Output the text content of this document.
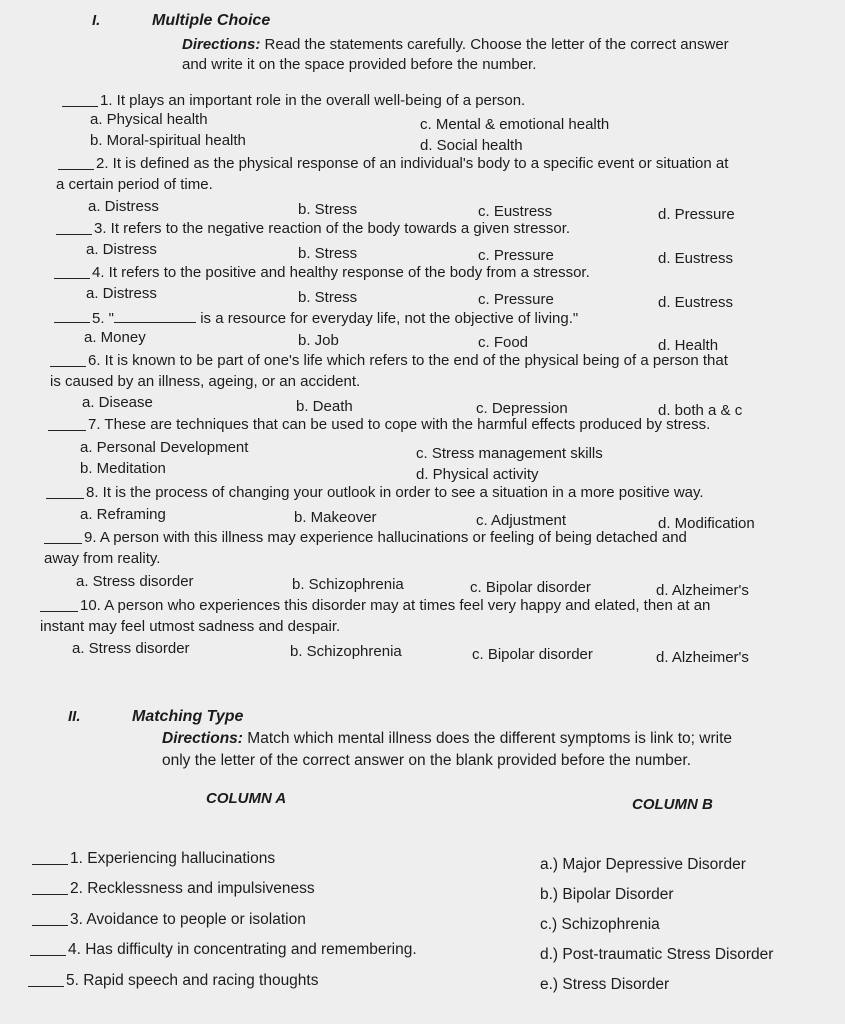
I.	Multiple Choice
Directions: Read the statements carefully. Choose the letter of the correct answer
and write it on the space provided before the number.
1. It plays an important role in the overall well-being of a person.
a. Physical health	c. Mental & emotional health
b. Moral-spiritual health	d. Social health
2. It is defined as the physical response of an individual's body to a specific event or situation at
a certain period of time.
a. Distress	b. Stress	c. Eustress	d. Pressure
3. It refers to the negative reaction of the body towards a given stressor.
a. Distress	b. Stress	c. Pressure	d. Eustress
4. It refers to the positive and healthy response of the body from a stressor.
a. Distress	b. Stress	c. Pressure	d. Eustress
5. "	is a resource for everyday life, not the objective of living."
a. Money	b. Job	c. Food	d. Health
6. It is known to be part of one's life which refers to the end of the physical being of a person that
is caused by an illness, ageing, or an accident.
a. Disease	b. Death	c. Depression	d. both a & c
7. These are techniques that can be used to cope with the harmful effects produced by stress.
a. Personal Development	c. Stress management skills
b. Meditation	d. Physical activity
8. It is the process of changing your outlook in order to see a situation in a more positive way.
a. Reframing	b. Makeover	c. Adjustment	d. Modification
9. A person with this illness may experience hallucinations or feeling of being detached and
away from reality.
a. Stress disorder	b. Schizophrenia	c. Bipolar disorder	d. Alzheimer's
10. A person who experiences this disorder may at times feel very happy and elated, then at an
instant may feel utmost sadness and despair.
a. Stress disorder	b. Schizophrenia	c. Bipolar disorder	d. Alzheimer's
II.	Matching Type
Directions: Match which mental illness does the different symptoms is link to; write
only the letter of the correct answer on the blank provided before the number.
COLUMN A	COLUMN B
1. Experiencing hallucinations
2. Recklessness and impulsiveness
3. Avoidance to people or isolation
4. Has difficulty in concentrating and remembering.
5. Rapid speech and racing thoughts
a.) Major Depressive Disorder
b.) Bipolar Disorder
c.) Schizophrenia
d.) Post-traumatic Stress Disorder
e.) Stress Disorder
